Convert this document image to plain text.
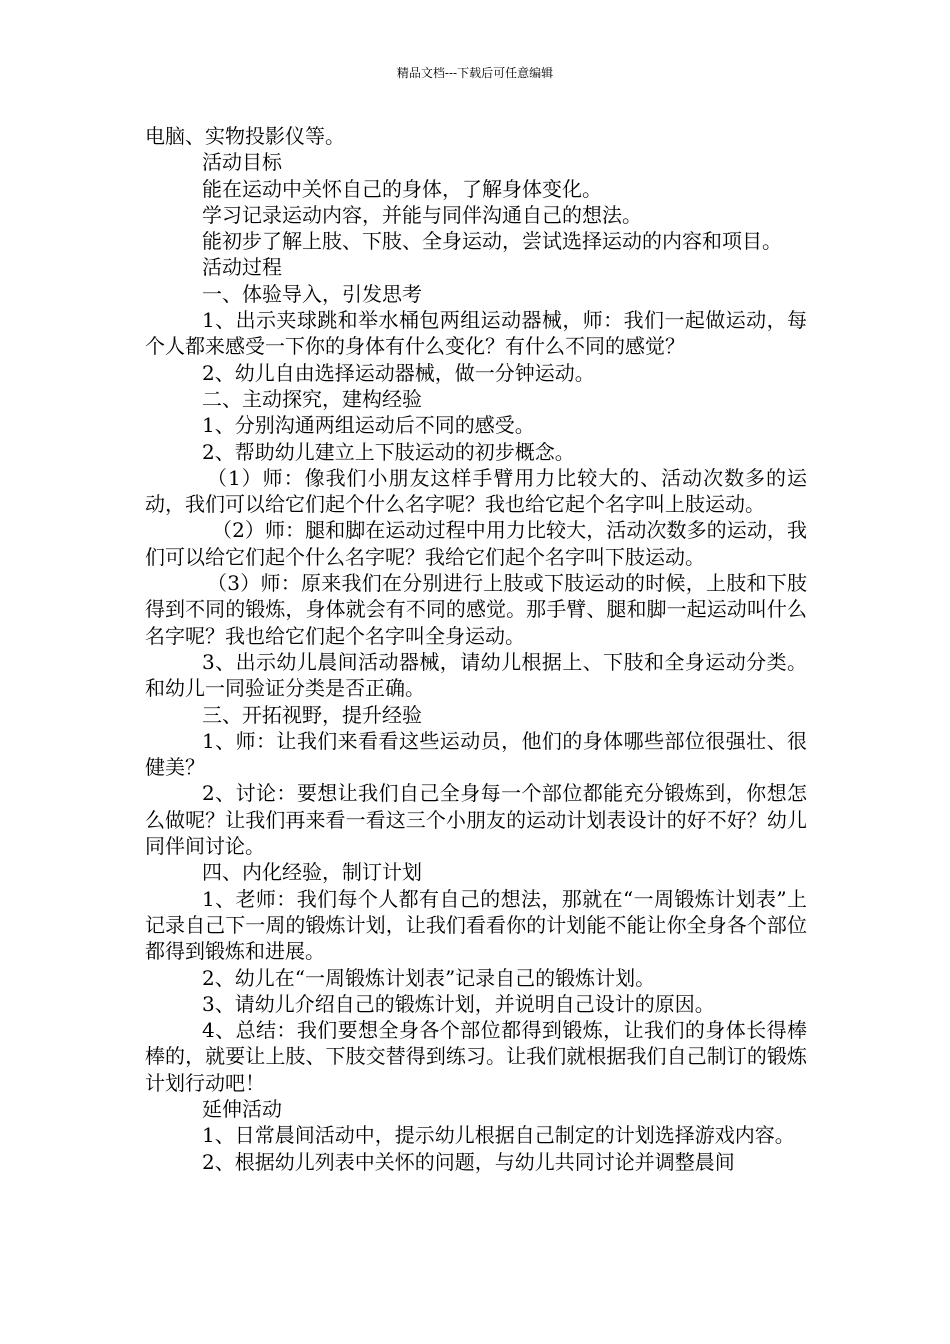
精品文档---下载后可任意编辑

电脑、实物投影仪等。

活动目标

能在运动中关怀自己的身体，了解身体变化。

学习记录运动内容，并能与同伴沟通自己的想法。

能初步了解上肢、下肢、全身运动，尝试选择运动的内容和项目。

活动过程

一、体验导入，引发思考

1、出示夹球跳和举水桶包两组运动器械，师：我们一起做运动，每个人都来感受一下你的身体有什么变化？有什么不同的感觉？

2、幼儿自由选择运动器械，做一分钟运动。

二、主动探究，建构经验

1、分别沟通两组运动后不同的感受。

2、帮助幼儿建立上下肢运动的初步概念。

（1）师：像我们小朋友这样手臂用力比较大的、活动次数多的运动，我们可以给它们起个什么名字呢？我也给它起个名字叫上肢运动。

（2）师：腿和脚在运动过程中用力比较大，活动次数多的运动，我们可以给它们起个什么名字呢？我给它们起个名字叫下肢运动。

（3）师：原来我们在分别进行上肢或下肢运动的时候，上肢和下肢得到不同的锻炼，身体就会有不同的感觉。那手臂、腿和脚一起运动叫什么名字呢？我也给它们起个名字叫全身运动。

3、出示幼儿晨间活动器械，请幼儿根据上、下肢和全身运动分类。和幼儿一同验证分类是否正确。

三、开拓视野，提升经验

1、师：让我们来看看这些运动员，他们的身体哪些部位很强壮、很健美？

2、讨论：要想让我们自己全身每一个部位都能充分锻炼到，你想怎么做呢？让我们再来看一看这三个小朋友的运动计划表设计的好不好？幼儿同伴间讨论。

四、内化经验，制订计划

1、老师：我们每个人都有自己的想法，那就在“一周锻炼计划表”上记录自己下一周的锻炼计划，让我们看看你的计划能不能让你全身各个部位都得到锻炼和进展。

2、幼儿在“一周锻炼计划表”记录自己的锻炼计划。

3、请幼儿介绍自己的锻炼计划，并说明自己设计的原因。

4、总结：我们要想全身各个部位都得到锻炼，让我们的身体长得棒棒的，就要让上肢、下肢交替得到练习。让我们就根据我们自己制订的锻炼计划行动吧！

延伸活动

1、日常晨间活动中，提示幼儿根据自己制定的计划选择游戏内容。

2、根据幼儿列表中关怀的问题，与幼儿共同讨论并调整晨间
